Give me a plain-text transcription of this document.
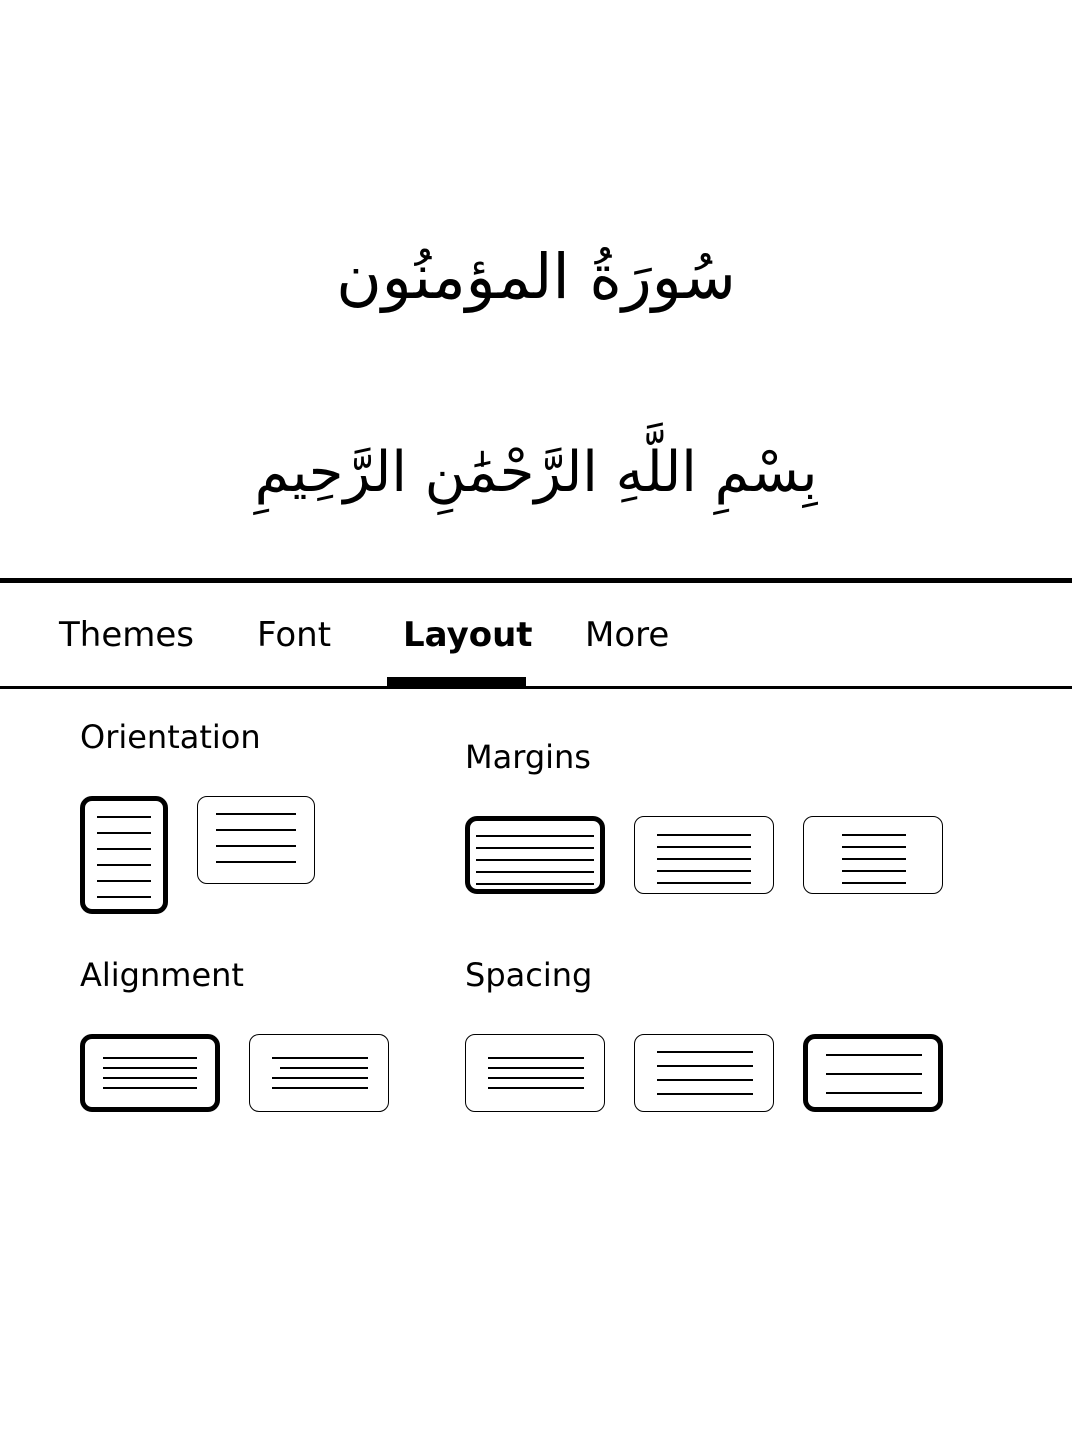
سُورَةُ المؤمنُون
بِسْمِ اللَّهِ الرَّحْمَٰنِ الرَّحِيمِ
Themes Font Layout More
Orientation
Margins
Alignment	Spacing
